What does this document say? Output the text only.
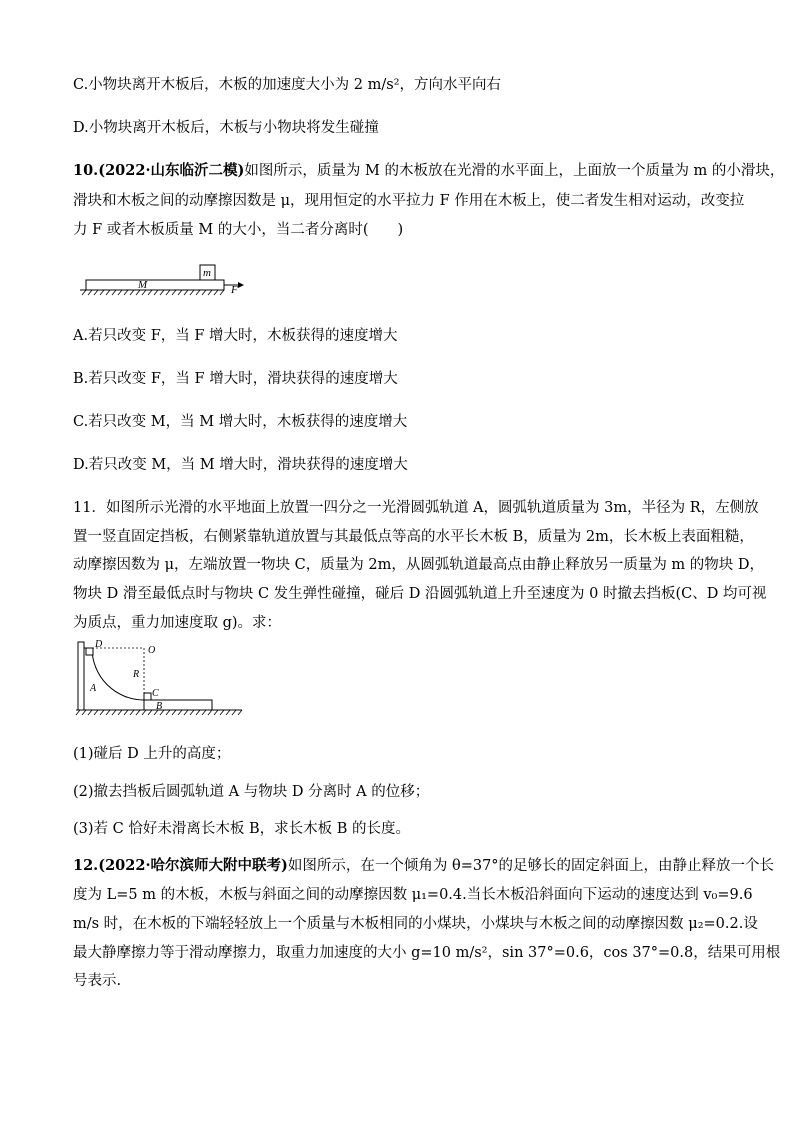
C.小物块离开木板后，木板的加速度大小为 2 m/s²，方向水平向右
D.小物块离开木板后，木板与小物块将发生碰撞
10.(2022·山东临沂二模)如图所示，质量为 M 的木板放在光滑的水平面上，上面放一个质量为 m 的小滑块，
滑块和木板之间的动摩擦因数是 μ，现用恒定的水平拉力 F 作用在木板上，使二者发生相对运动，改变拉
力 F 或者木板质量 M 的大小，当二者分离时(　　)
M
m
F
A.若只改变 F，当 F 增大时，木板获得的速度增大
B.若只改变 F，当 F 增大时，滑块获得的速度增大
C.若只改变 M，当 M 增大时，木板获得的速度增大
D.若只改变 M，当 M 增大时，滑块获得的速度增大
11．如图所示光滑的水平地面上放置一四分之一光滑圆弧轨道 A，圆弧轨道质量为 3m，半径为 R，左侧放
置一竖直固定挡板，右侧紧靠轨道放置与其最低点等高的水平长木板 B，质量为 2m，长木板上表面粗糙，
动摩擦因数为 μ，左端放置一物块 C，质量为 2m，从圆弧轨道最高点由静止释放另一质量为 m 的物块 D，
物块 D 滑至最低点时与物块 C 发生弹性碰撞，碰后 D 沿圆弧轨道上升至速度为 0 时撤去挡板(C、D 均可视
为质点，重力加速度取 g)。求：
D
O
R
A	C
B
(1)碰后 D 上升的高度；
(2)撤去挡板后圆弧轨道 A 与物块 D 分离时 A 的位移；
(3)若 C 恰好未滑离长木板 B，求长木板 B 的长度。
12.(2022·哈尔滨师大附中联考)如图所示，在一个倾角为 θ=37°的足够长的固定斜面上，由静止释放一个长
度为 L=5 m 的木板，木板与斜面之间的动摩擦因数 μ₁=0.4.当长木板沿斜面向下运动的速度达到 v₀=9.6
m/s 时，在木板的下端轻轻放上一个质量与木板相同的小煤块，小煤块与木板之间的动摩擦因数 μ₂=0.2.设
最大静摩擦力等于滑动摩擦力，取重力加速度的大小 g=10 m/s²，sin 37°=0.6，cos 37°=0.8，结果可用根
号表示.
